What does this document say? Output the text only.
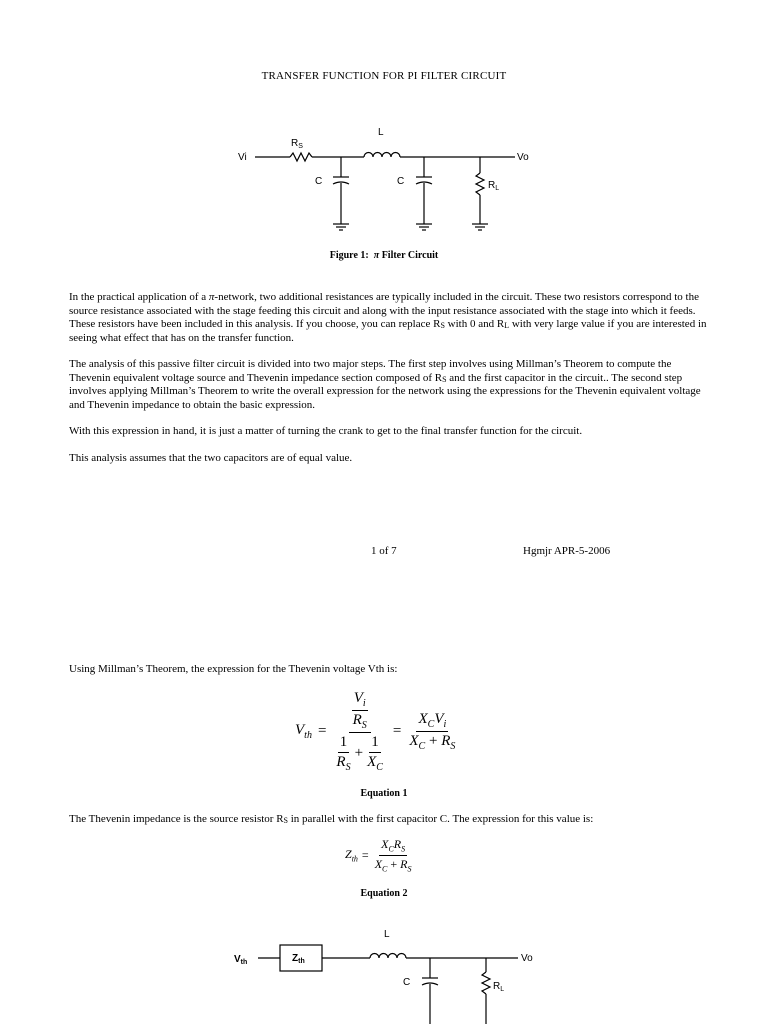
TRANSFER FUNCTION FOR PI FILTER CIRCUIT
Vi	Vo
$R_S$
L
C	C	$R_L$
Figure 1: π Filter Circuit
In the practical application of a π-network, two additional resistances are typically included in the circuit. These two resistors correspond to the source resistance associated with the stage feeding this circuit and along with the input resistance associated with the stage into which it feeds. These resistors have been included in this analysis. If you choose, you can replace $R_S$ with 0 and $R_L$ with very large value if you are interested in seeing what effect that has on the transfer function.
The analysis of this passive filter circuit is divided into two major steps. The first step involves using Millman’s Theorem to compute the Thevenin equivalent voltage source and Thevenin impedance section composed of $R_S$ and the first capacitor in the circuit.. The second step involves applying Millman’s Theorem to write the overall expression for the network using the expressions for the Thevenin equivalent voltage and Thevenin impedance to obtain the basic expression.
With this expression in hand, it is just a matter of turning the crank to get to the final transfer function for the circuit.
This analysis assumes that the two capacitors are of equal value.
1 of 7	Hgmjr APR-5-2006
Using Millman’s Theorem, the expression for the Thevenin voltage Vth is:
$V_{th} = \frac{\frac{V_i}{R_S}}{\frac{1}{R_S} + \frac{1}{X_C}} = \frac{X_CV_i}{X_C + R_S}$
Equation 1
The Thevenin impedance is the source resistor $R_S$ in parallel with the first capacitor C. The expression for this value is:
$Z_{th} = \frac{X_CR_S}{X_C + R_S}$
Equation 2
$V_{th}$	$Z_{th}$
L
Vo
C	$R_L$
